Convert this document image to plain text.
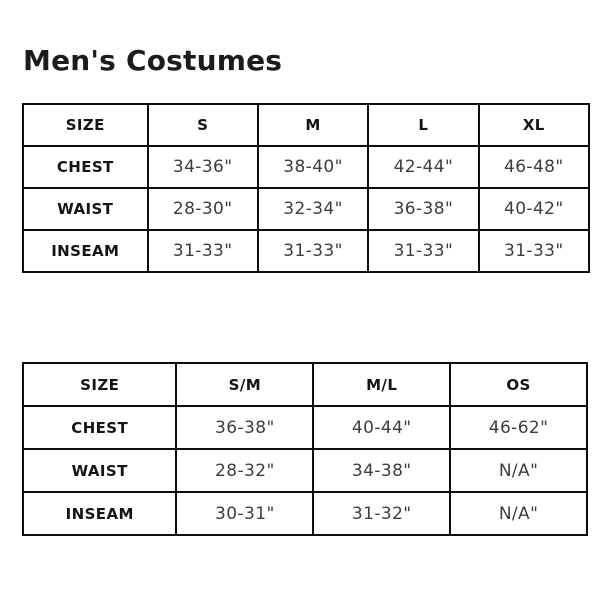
Men's Costumes
SIZE	S	M	L	XL
CHEST	34-36"	38-40"	42-44"	46-48"
WAIST	28-30"	32-34"	36-38"	40-42"
INSEAM	31-33"	31-33"	31-33"	31-33"
SIZE	S/M	M/L	OS
CHEST	36-38"	40-44"	46-62"
WAIST	28-32"	34-38"	N/A"
INSEAM	30-31"	31-32"	N/A"
